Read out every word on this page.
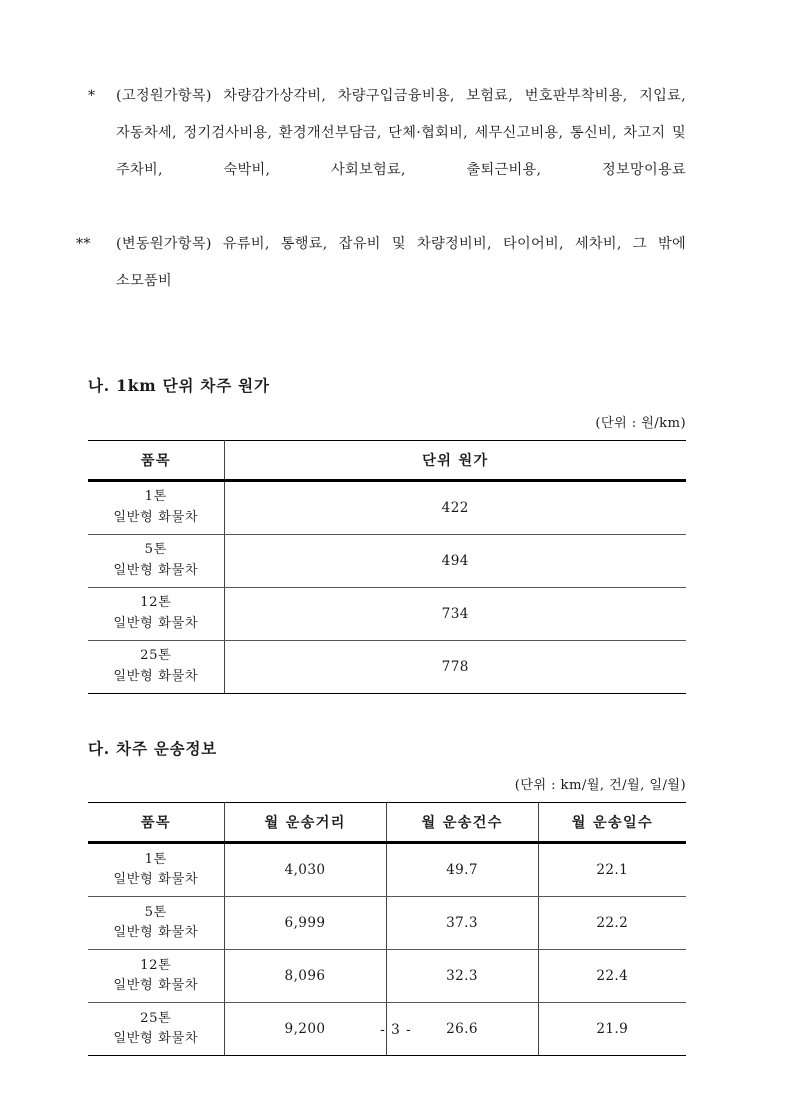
*	(고정원가항목) 차량감가상각비, 차량구입금융비용, 보험료, 번호판부착비용, 지입료, 자동차세, 정기검사비용, 환경개선부담금, 단체·협회비, 세무신고비용, 통신비, 차고지 및 주차비, 숙박비, 사회보험료, 출퇴근비용, 정보망이용료
**	(변동원가항목) 유류비, 통행료, 잡유비 및 차량정비비, 타이어비, 세차비, 그 밖에 소모품비
나. 1km 단위 차주 원가
(단위 : 원/km)
품목	단위 원가

1톤
일반형 화물차	422

5톤
일반형 화물차	494

12톤
일반형 화물차	734

25톤
일반형 화물차	778
다. 차주 운송정보
(단위 : km/월, 건/월, 일/월)
품목	월 운송거리	월 운송건수	월 운송일수

1톤
일반형 화물차	4,030	49.7	22.1

5톤
일반형 화물차	6,999	37.3	22.2

12톤
일반형 화물차	8,096	32.3	22.4

25톤
일반형 화물차	9,200	26.6	21.9
- 3 -
